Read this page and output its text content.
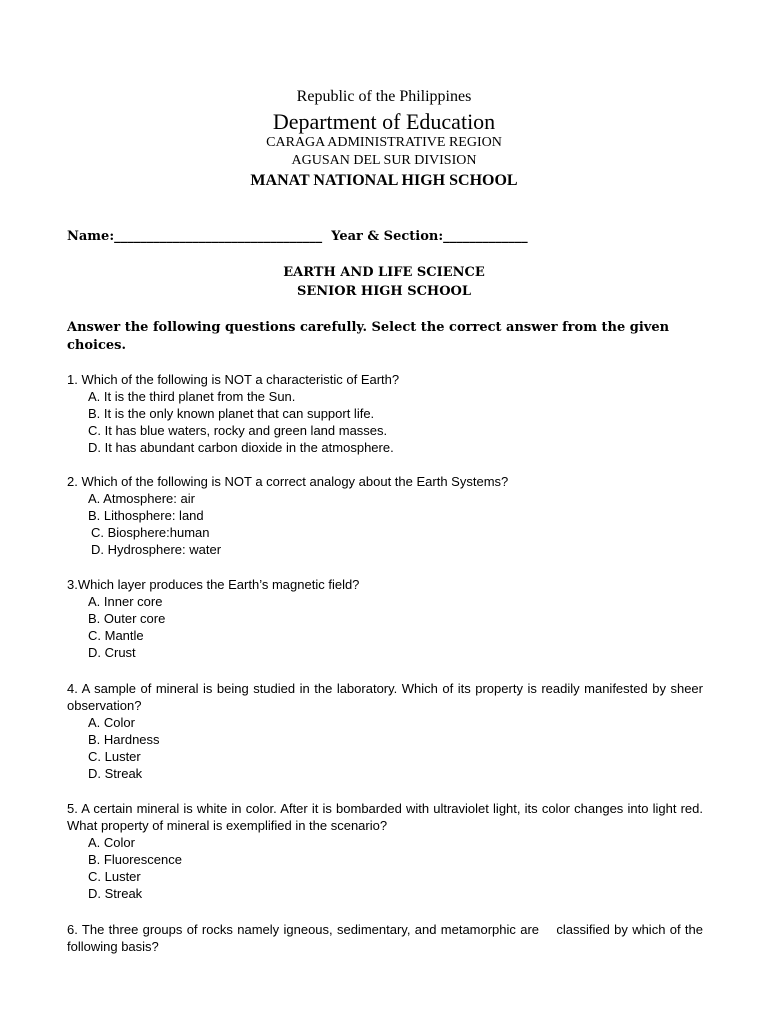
Republic of the Philippines
Department of Education
CARAGA ADMINISTRATIVE REGION
AGUSAN DEL SUR DIVISION
MANAT NATIONAL HIGH SCHOOL
Name:________________________________ Year & Section:_____________
EARTH AND LIFE SCIENCE
SENIOR HIGH SCHOOL
Answer the following questions carefully. Select the correct answer from the given choices.
1. Which of the following is NOT a characteristic of Earth?
A. It is the third planet from the Sun.
B. It is the only known planet that can support life.
C. It has blue waters, rocky and green land masses.
D. It has abundant carbon dioxide in the atmosphere.
2. Which of the following is NOT a correct analogy about the Earth Systems?
A. Atmosphere: air
B. Lithosphere: land
C. Biosphere:human
D. Hydrosphere: water
3.Which layer produces the Earth’s magnetic field?
A. Inner core
B. Outer core
C. Mantle
D. Crust
4. A sample of mineral is being studied in the laboratory. Which of its property is readily manifested by sheer observation?
A. Color
B. Hardness
C. Luster
D. Streak
5. A certain mineral is white in color. After it is bombarded with ultraviolet light, its color changes into light red. What property of mineral is exemplified in the scenario?
A. Color
B. Fluorescence
C. Luster
D. Streak
6. The three groups of rocks namely igneous, sedimentary, and metamorphic are    classified by which of the following basis?
